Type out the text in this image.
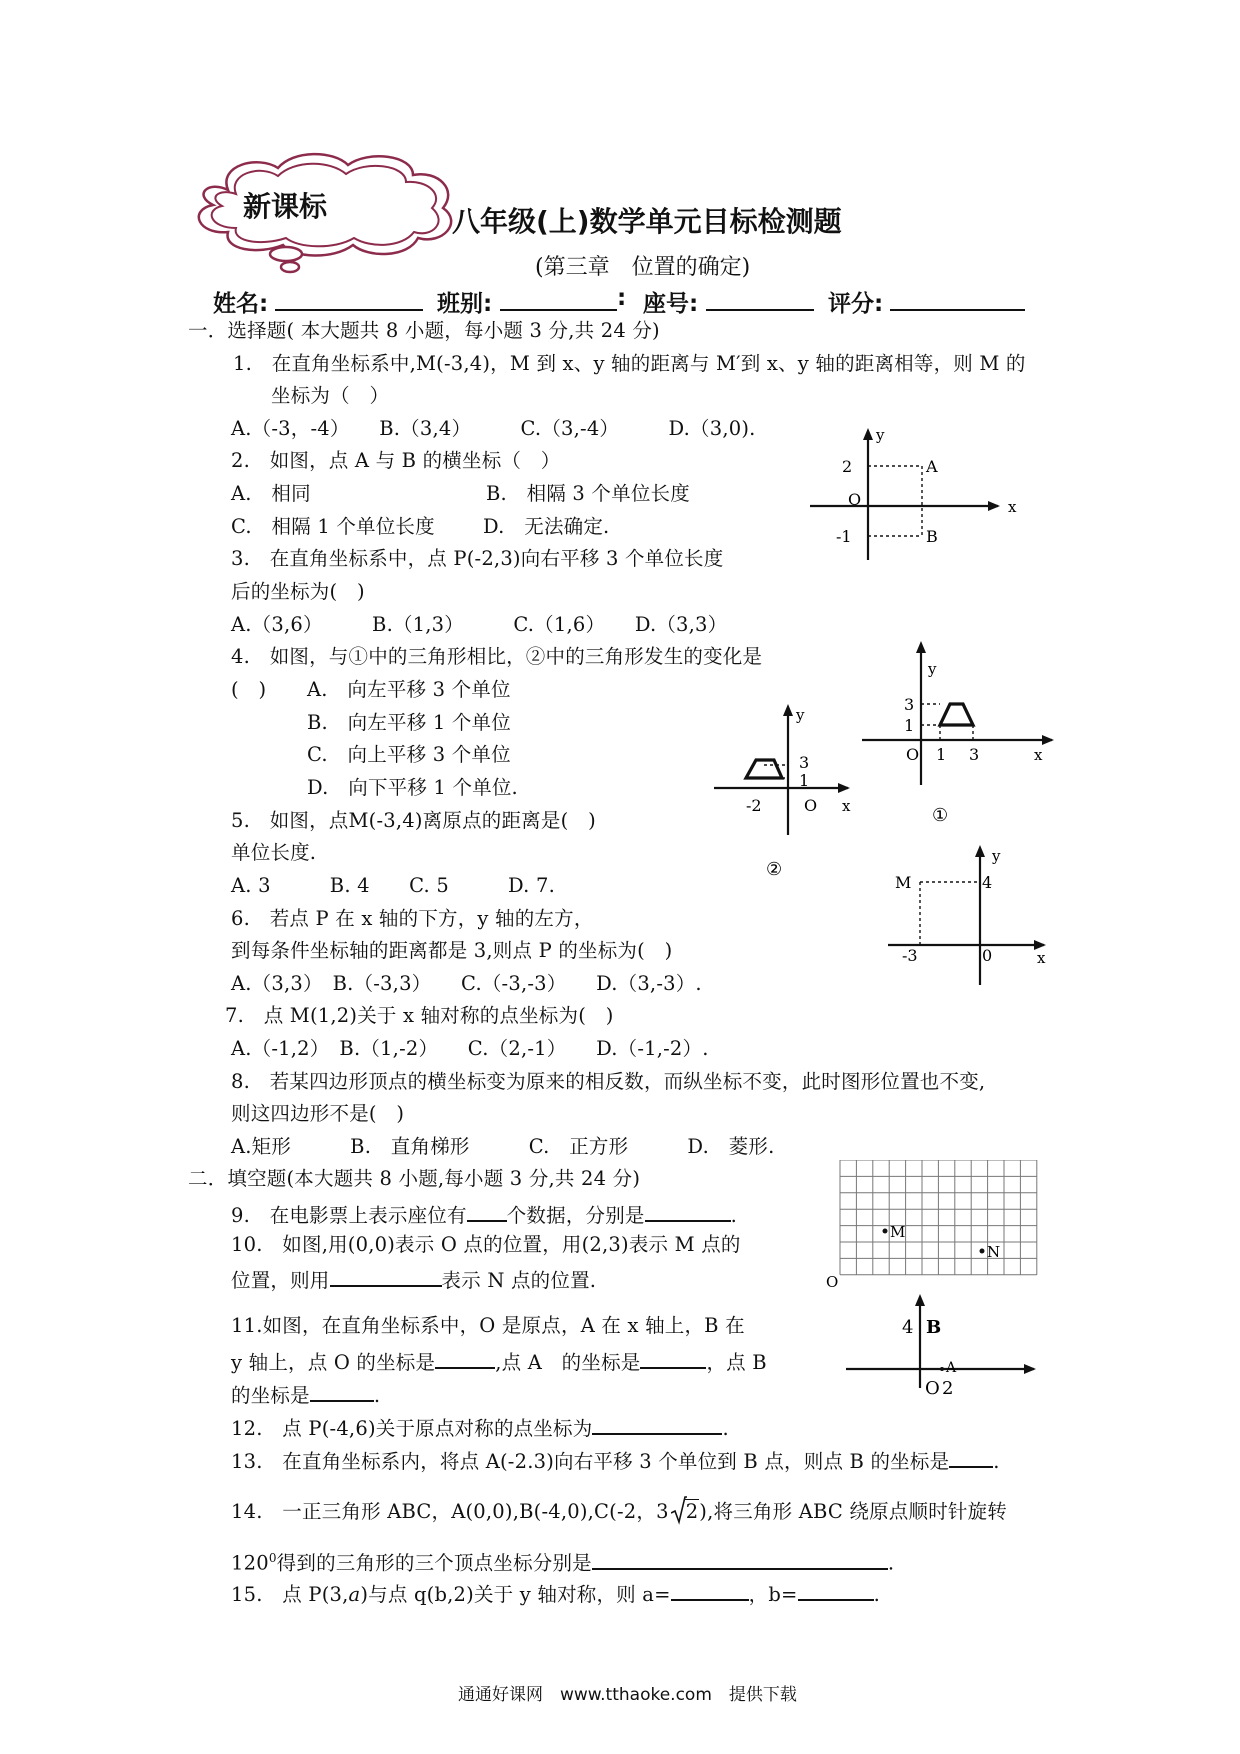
新课标	八年级(上)数学单元目标检测题
(第三章　位置的确定)
姓名:	班别:	: 座号:	评分:
一．选择题( 本大题共 8 小题，每小题 3 分,共 24 分)
1.　在直角坐标系中,M(-3,4)，M 到 x、y 轴的距离与 M′到 x、y 轴的距离相等，则 M 的
坐标为（　）
A.（-3，-4）　　B.（3,4）　　　C.（3,-4）　　　D.（3,0).
2.　如图，点 A 与 B 的横坐标（　）
A.　相同	B.　相隔 3 个单位长度
C.　相隔 1 个单位长度 D.　无法确定.
3.　在直角坐标系中，点 P(-2,3)向右平移 3 个单位长度
后的坐标为(　)
A.（3,6）　　　B.（1,3）　　　C.（1,6）　　D.（3,3）
4.　如图，与①中的三角形相比，②中的三角形发生的变化是
(　) A.　向左平移 3 个单位
B.　向左平移 1 个单位
C.　向上平移 3 个单位
D.　向下平移 1 个单位.
5.　如图，点M(-3,4)离原点的距离是(　)
单位长度.
A. 3　　　B. 4　　C. 5　　　D. 7.
6.　若点 P 在 x 轴的下方，y 轴的左方，
到每条件坐标轴的距离都是 3,则点 P 的坐标为(　)
A.（3,3）　B.（-3,3）　　C.（-3,-3）　　D.（3,-3）.
7.　点 M(1,2)关于 x 轴对称的点坐标为(　)
A.（-1,2）　B.（1,-2）　　C.（2,-1）　　D.（-1,-2）.
8.　若某四边形顶点的横坐标变为原来的相反数，而纵坐标不变，此时图形位置也不变,
则这四边形不是(　)
A.矩形　　　B.　直角梯形　　　C.　正方形　　　D.　菱形.
二．填空题(本大题共 8 小题,每小题 3 分,共 24 分)
9.　在电影票上表示座位有 个数据，分别是	.
10.　如图,用(0,0)表示 O 点的位置，用(2,3)表示 M 点的
位置，则用	表示 N 点的位置.
11.如图，在直角坐标系中，O 是原点，A 在 x 轴上，B 在
y 轴上，点 O 的坐标是	,点 A　的坐标是	，点 B
的坐标是	.
12.　点 P(-4,6)关于原点对称的点坐标为	.
13.　在直角坐标系内，将点 A(-2.3)向右平移 3 个单位到 B 点，则点 B 的坐标是 .
14.　一正三角形 ABC，A(0,0),B(-4,0),C(-2，3 2),将三角形 ABC 绕原点顺时针旋转
$120^0$得到的三角形的三个顶点坐标分别是	.
15.　点 P(3,a)与点 q(b,2)关于 y 轴对称，则 a=	，b=	.
y
x
2
O
-1
A
B
y
x
3
1
O 1 3
①
y
x
3
1
-2	O
②
y
x
M	4
-3	0
O
M
N
4 B
A
O 2
通通好课网　www.tthaoke.com　提供下载
